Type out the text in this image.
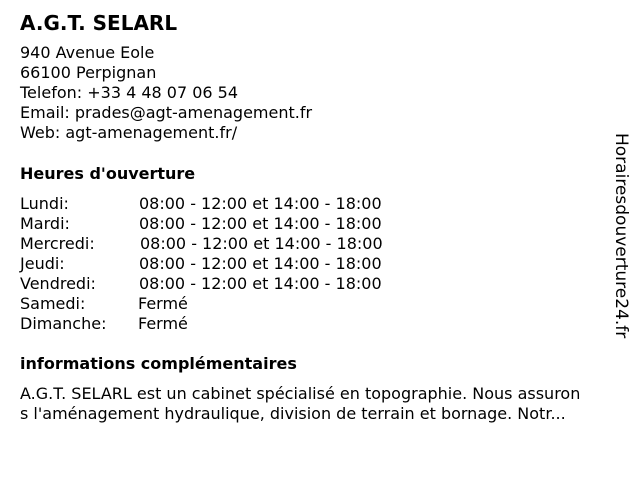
A.G.T. SELARL
940 Avenue Eole
66100 Perpignan
Telefon: +33 4 48 07 06 54
Email: prades@agt-amenagement.fr
Web: agt-amenagement.fr/
Heures d'ouverture
Lundi:	08:00 - 12:00 et 14:00 - 18:00
Mardi:	08:00 - 12:00 et 14:00 - 18:00
Mercredi:	08:00 - 12:00 et 14:00 - 18:00
Jeudi:	08:00 - 12:00 et 14:00 - 18:00
Vendredi:	08:00 - 12:00 et 14:00 - 18:00
Samedi:	Fermé
Dimanche: Fermé
informations complémentaires
A.G.T. SELARL est un cabinet spécialisé en topographie. Nous assuron
s l'aménagement hydraulique, division de terrain et bornage. Notr...
Horairesdouverture24.fr
